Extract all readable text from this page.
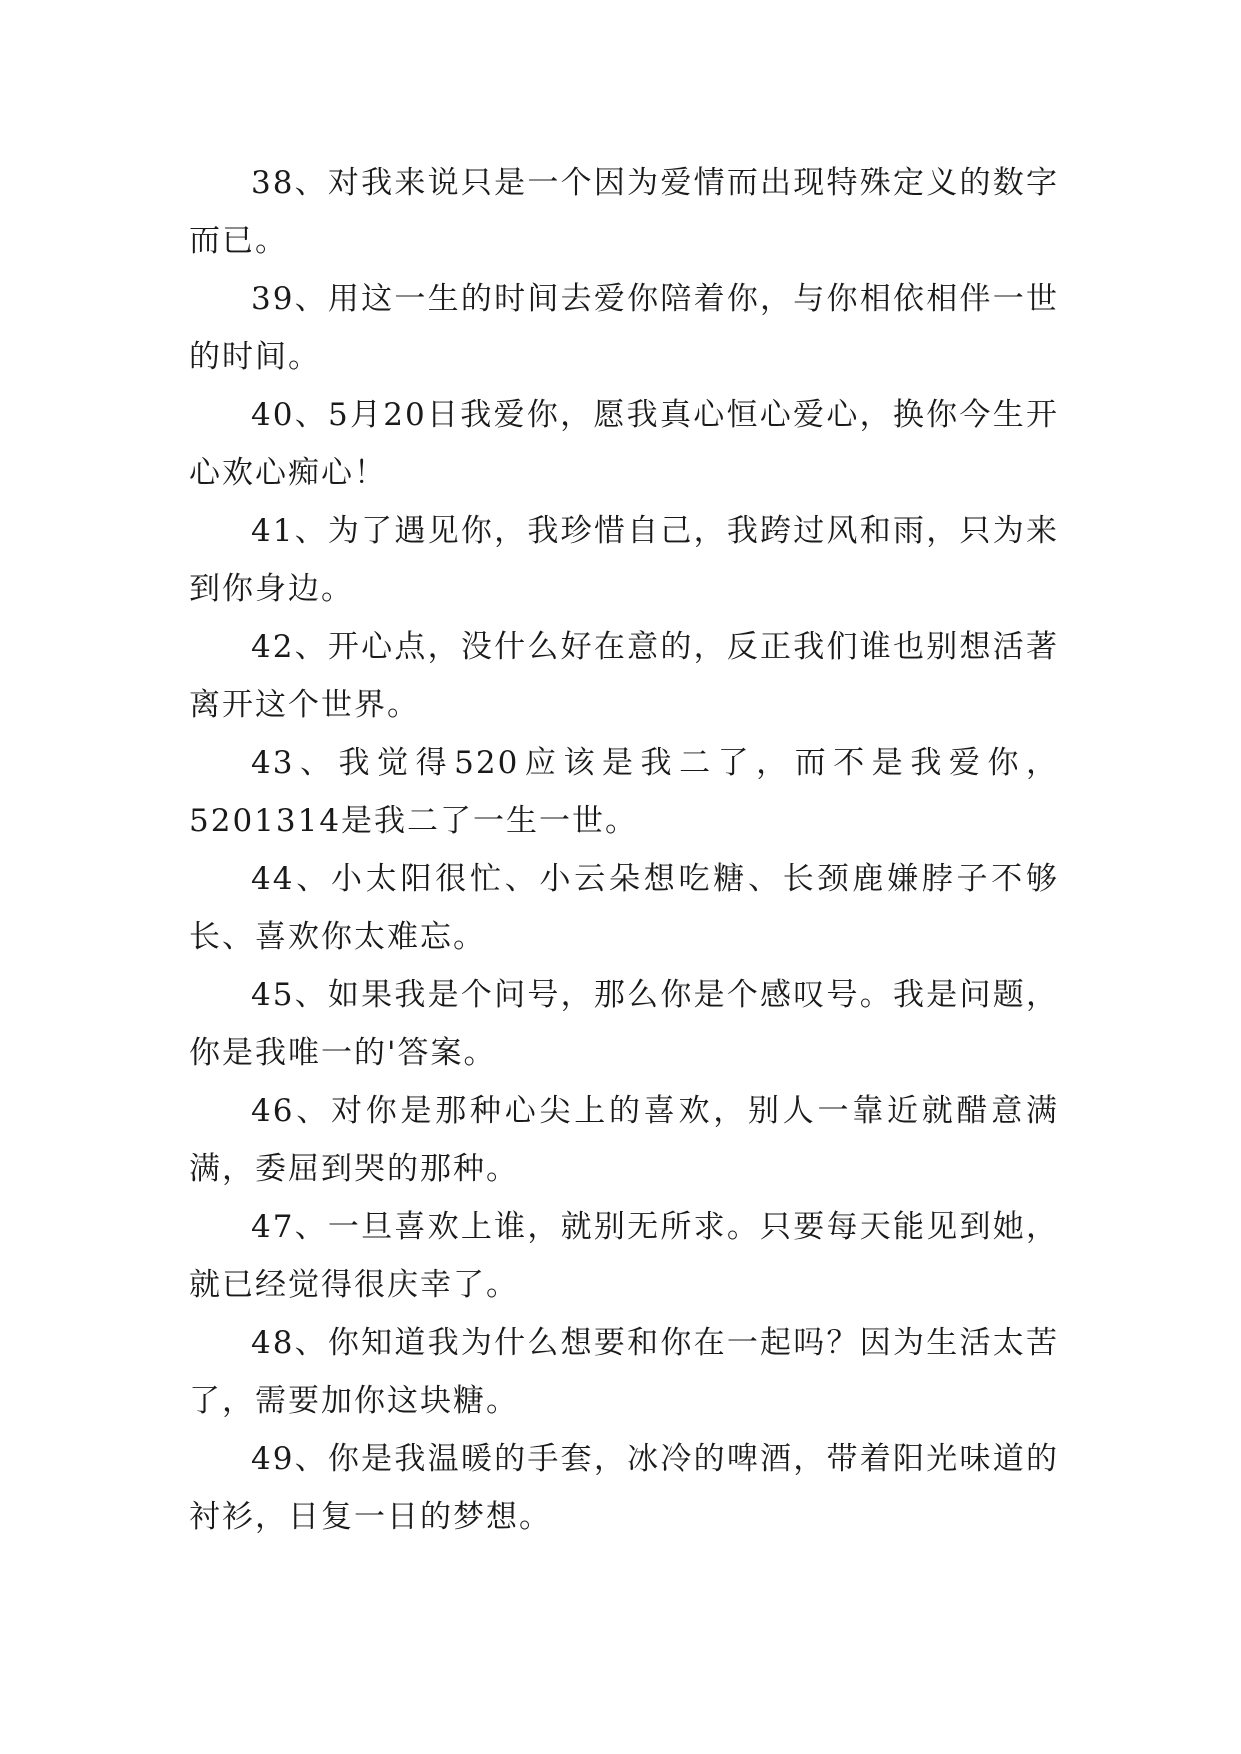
38、对我来说只是一个因为爱情而出现特殊定义的数字而已。

39、用这一生的时间去爱你陪着你，与你相依相伴一世的时间。

40、5月20日我爱你，愿我真心恒心爱心，换你今生开心欢心痴心！

41、为了遇见你，我珍惜自己，我跨过风和雨，只为来到你身边。

42、开心点，没什么好在意的，反正我们谁也别想活著离开这个世界。

43、我觉得520应该是我二了，而不是我爱你，5201314是我二了一生一世。

44、小太阳很忙、小云朵想吃糖、长颈鹿嫌脖子不够长、喜欢你太难忘。

45、如果我是个问号，那么你是个感叹号。我是问题，你是我唯一的'答案。

46、对你是那种心尖上的喜欢，别人一靠近就醋意满满，委屈到哭的那种。

47、一旦喜欢上谁，就别无所求。只要每天能见到她，就已经觉得很庆幸了。

48、你知道我为什么想要和你在一起吗？因为生活太苦了，需要加你这块糖。

49、你是我温暖的手套，冰冷的啤酒，带着阳光味道的衬衫，日复一日的梦想。
